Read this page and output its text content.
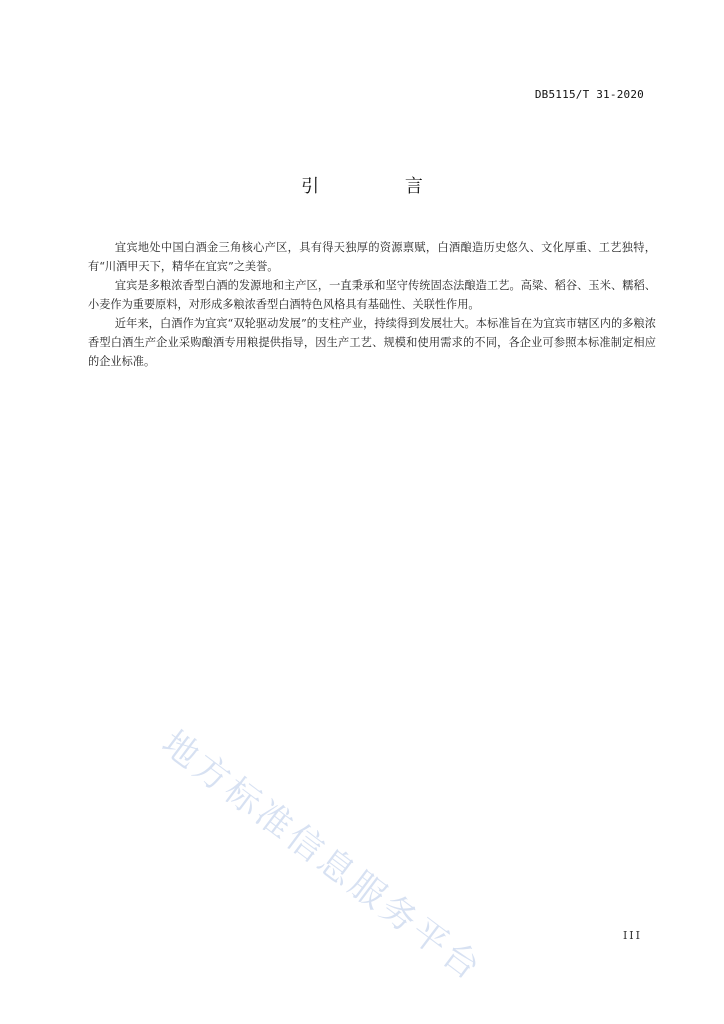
DB5115/T 31-2020
引 言

宜宾地处中国白酒金三角核心产区，具有得天独厚的资源禀赋，白酒酿造历史悠久、文化厚重、工艺独特，有“川酒甲天下，精华在宜宾”之美誉。

宜宾是多粮浓香型白酒的发源地和主产区，一直秉承和坚守传统固态法酿造工艺。高粱、稻谷、玉米、糯稻、小麦作为重要原料，对形成多粮浓香型白酒特色风格具有基础性、关联性作用。

近年来，白酒作为宜宾“双轮驱动发展”的支柱产业，持续得到发展壮大。本标准旨在为宜宾市辖区内的多粮浓香型白酒生产企业采购酿酒专用粮提供指导，因生产工艺、规模和使用需求的不同，各企业可参照本标准制定相应的企业标准。

地方标准信息服务平台	III
